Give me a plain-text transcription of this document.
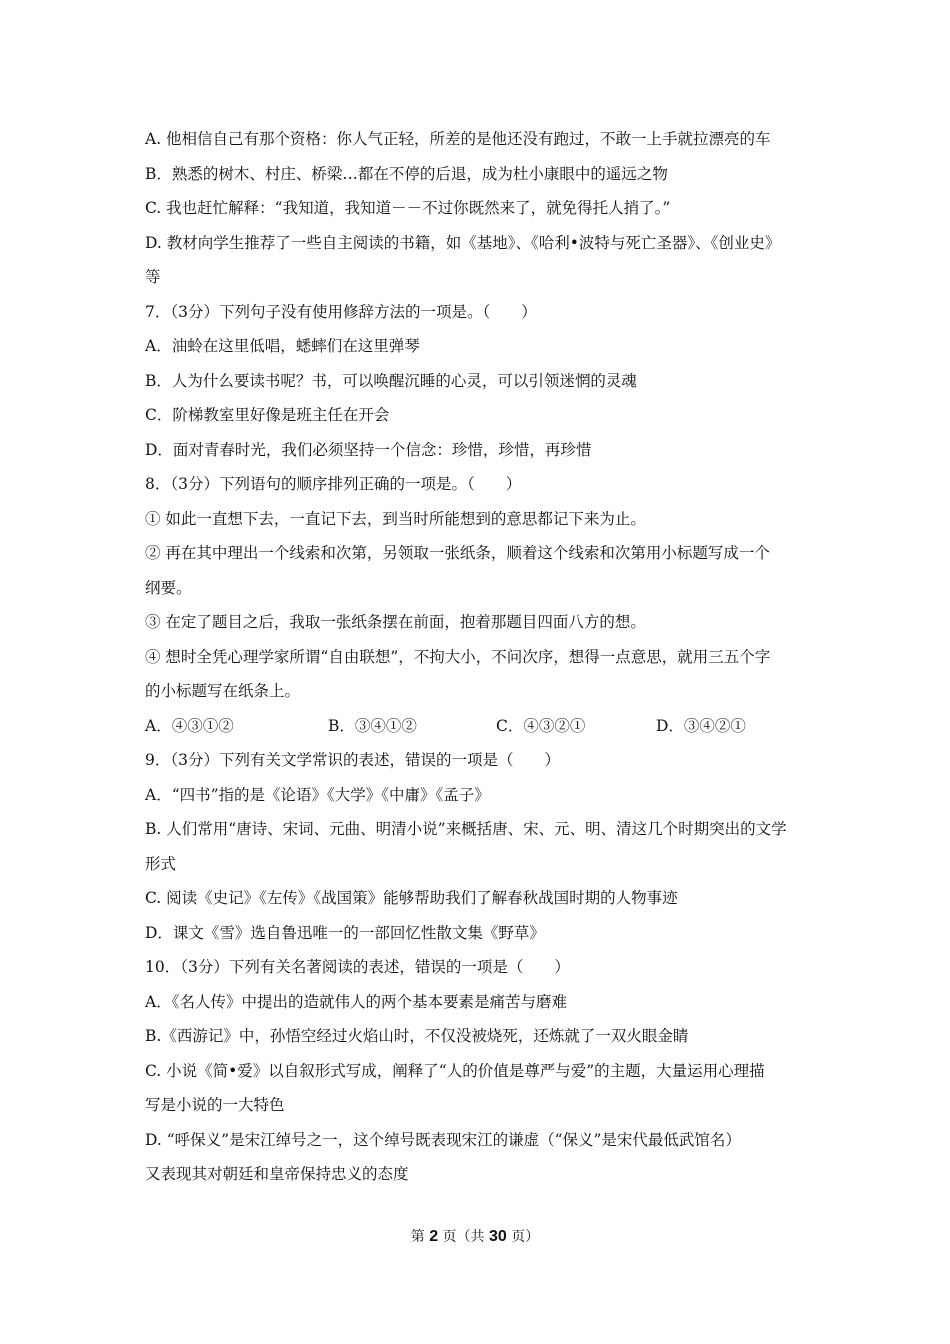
A. 他相信自己有那个资格：你人气正轻，所差的是他还没有跑过，不敢一上手就拉漂亮的车
B．熟悉的树木、村庄、桥梁…都在不停的后退，成为杜小康眼中的遥远之物
C. 我也赶忙解释：“我知道，我知道－－不过你既然来了，就免得托人捎了。”
D. 教材向学生推荐了一些自主阅读的书籍，如《基地》、《哈利•波特与死亡圣器》、《创业史》
等
7．（3分）下列句子没有使用修辞方法的一项是。（　　）
A．油蛉在这里低唱，蟋蟀们在这里弹琴
B．人为什么要读书呢？书，可以唤醒沉睡的心灵，可以引领迷惘的灵魂
C．阶梯教室里好像是班主任在开会
D．面对青春时光，我们必须坚持一个信念：珍惜，珍惜，再珍惜
8．（3分）下列语句的顺序排列正确的一项是。（　　）
① 如此一直想下去，一直记下去，到当时所能想到的意思都记下来为止。
② 再在其中理出一个线索和次第，另领取一张纸条，顺着这个线索和次第用小标题写成一个
纲要。
③ 在定了题目之后，我取一张纸条摆在前面，抱着那题目四面八方的想。
④ 想时全凭心理学家所谓“自由联想”，不拘大小，不问次序，想得一点意思，就用三五个字
的小标题写在纸条上。
A．④③①②	B．③④①②	C．④③②①	D．③④②①
9．（3分）下列有关文学常识的表述，错误的一项是（　　）
A．“四书”指的是《论语》《大学》《中庸》《孟子》
B. 人们常用“唐诗、宋词、元曲、明清小说”来概括唐、宋、元、明、清这几个时期突出的文学
形式
C. 阅读《史记》《左传》《战国策》能够帮助我们了解春秋战国时期的人物事迹
D．课文《雪》选自鲁迅唯一的一部回忆性散文集《野草》
10．（3分）下列有关名著阅读的表述，错误的一项是（　　）
A．《名人传》中提出的造就伟人的两个基本要素是痛苦与磨难
B.《西游记》中，孙悟空经过火焰山时，不仅没被烧死，还炼就了一双火眼金睛
C. 小说《简•爱》以自叙形式写成，阐释了“人的价值是尊严与爱”的主题，大量运用心理描
写是小说的一大特色
D. “呼保义”是宋江绰号之一，这个绰号既表现宋江的谦虚（“保义”是宋代最低武馆名）
又表现其对朝廷和皇帝保持忠义的态度
第 2 页（共 30 页）
